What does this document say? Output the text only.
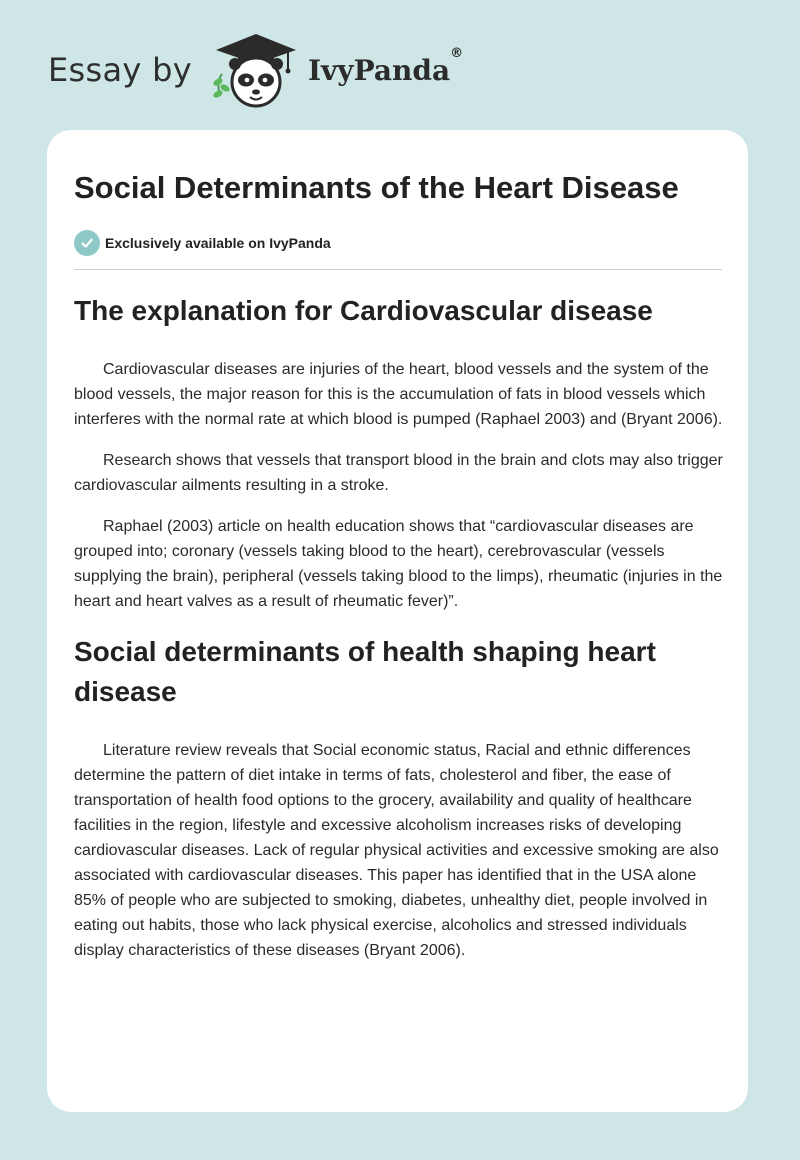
Essay by	IvyPanda®
Social Determinants of the Heart Disease
Exclusively available on IvyPanda
The explanation for Cardiovascular disease

Cardiovascular diseases are injuries of the heart, blood vessels and the system of the blood vessels, the major reason for this is the accumulation of fats in blood vessels which interferes with the normal rate at which blood is pumped (Raphael 2003) and (Bryant 2006).

Research shows that vessels that transport blood in the brain and clots may also trigger cardiovascular ailments resulting in a stroke.

Raphael (2003) article on health education shows that “cardiovascular diseases are grouped into; coronary (vessels taking blood to the heart), cerebrovascular (vessels supplying the brain), peripheral (vessels taking blood to the limps), rheumatic (injuries in the heart and heart valves as a result of rheumatic fever)”.

Social determinants of health shaping heart disease

Literature review reveals that Social economic status, Racial and ethnic differences determine the pattern of diet intake in terms of fats, cholesterol and fiber, the ease of transportation of health food options to the grocery, availability and quality of healthcare facilities in the region, lifestyle and excessive alcoholism increases risks of developing cardiovascular diseases. Lack of regular physical activities and excessive smoking are also associated with cardiovascular diseases. This paper has identified that in the USA alone 85% of people who are subjected to smoking, diabetes, unhealthy diet, people involved in eating out habits, those who lack physical exercise, alcoholics and stressed individuals display characteristics of these diseases (Bryant 2006).
